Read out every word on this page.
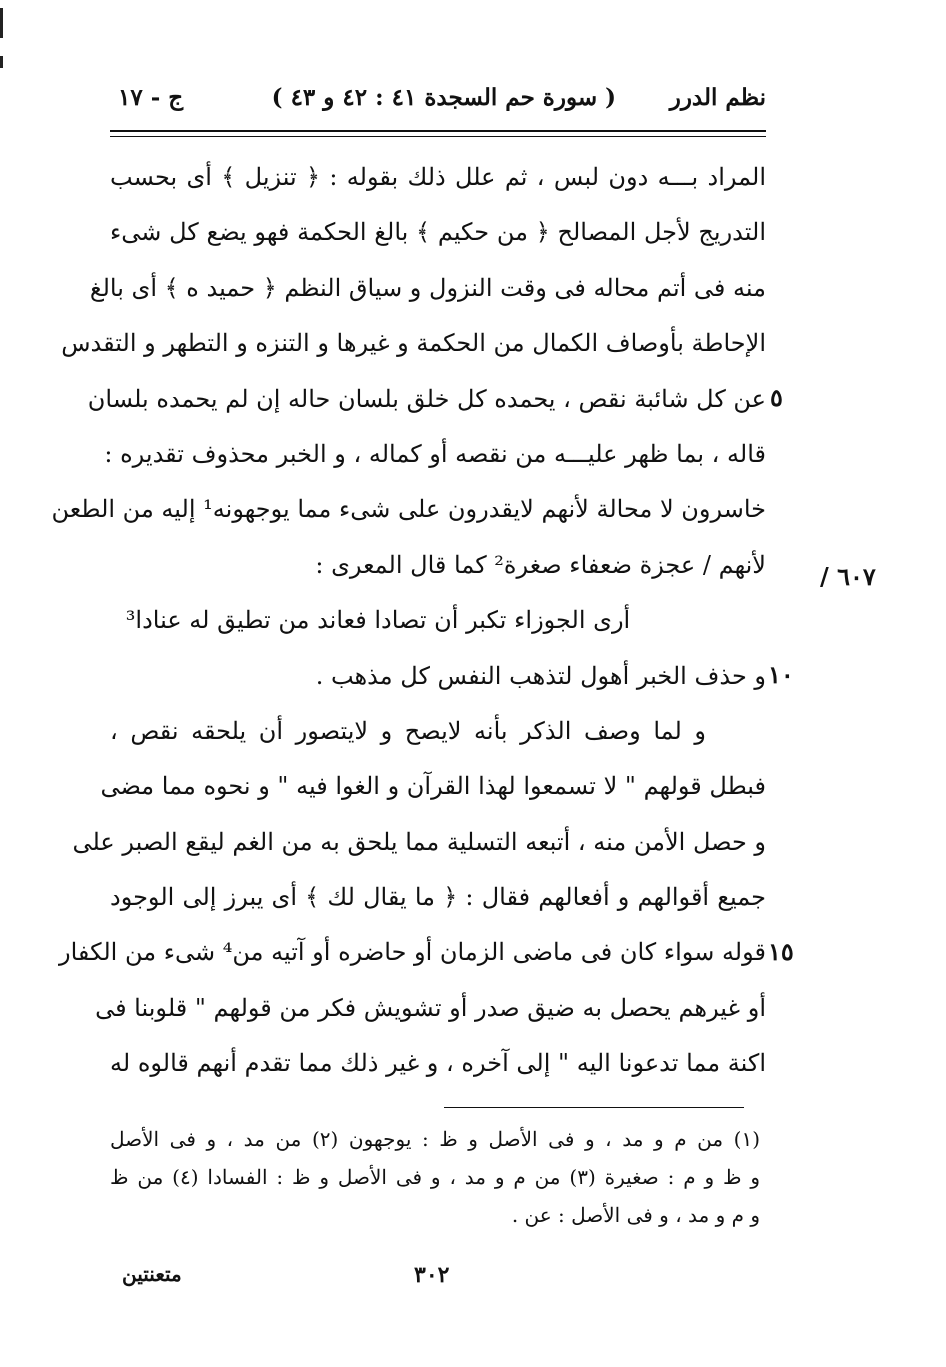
نظم الدرر
( سورة حم السجدة ٤١ : ٤٢ و ٤٣ )
ج - ١٧
المراد بـــه دون لبس ، ثم علل ذلك بقوله : ﴿ تنزيل ﴾ أى بحسب
التدريج لأجل المصالح ﴿ من حكيم ﴾ بالغ الحكمة فهو يضع كل شىء
منه فى أتم محاله فى وقت النزول و سياق النظم ﴿ حميد ه ﴾ أى بالغ
الإحاطة بأوصاف الكمال من الحكمة و غيرها و التنزه و التطهر و التقدس
عن كل شائبة نقص ، يحمده كل خلق بلسان حاله إن لم يحمده بلسان
قاله ، بما ظهر عليـــه من نقصه أو كماله ، و الخبر محذوف تقديره :
خاسرون لا محالة لأنهم لايقدرون على شىء مما يوجهونه¹ إليه من الطعن
لأنهم / عجزة ضعفاء صغرة² كما قال المعرى :
أرى الجوزاء تكبر أن تصادا فعاند من تطيق له عنادا³
و حذف الخبر أهول لتذهب النفس كل مذهب .
و لما وصف الذكر بأنه لايصح و لايتصور أن يلحقه نقص ،
فبطل قولهم " لا تسمعوا لهذا القرآن و الغوا فيه " و نحوه مما مضى
و حصل الأمن منه ، أتبعه التسلية مما يلحق به من الغم ليقع الصبر على
جميع أقوالهم و أفعالهم فقال : ﴿ ما يقال لك ﴾ أى يبرز إلى الوجود
قوله سواء كان فى ماضى الزمان أو حاضره أو آتيه من⁴ شىء من الكفار
أو غيرهم يحصل به ضيق صدر أو تشويش فكر من قولهم " قلوبنا فى
اكنة مما تدعونا اليه " إلى آخره ، و غير ذلك مما تقدم أنهم قالوه له
٥
١٠
١٥
٦٠٧ /
(١) من م و مد ، و فى الأصل و ظ : يوجهون (٢) من مد ، و فى الأصل
و ظ و م : صغيرة (٣) من م و مد ، و فى الأصل و ظ : الفسادا (٤) من ظ
و م و مد ، و فى الأصل : عن .
٣٠٢
متعنتين
